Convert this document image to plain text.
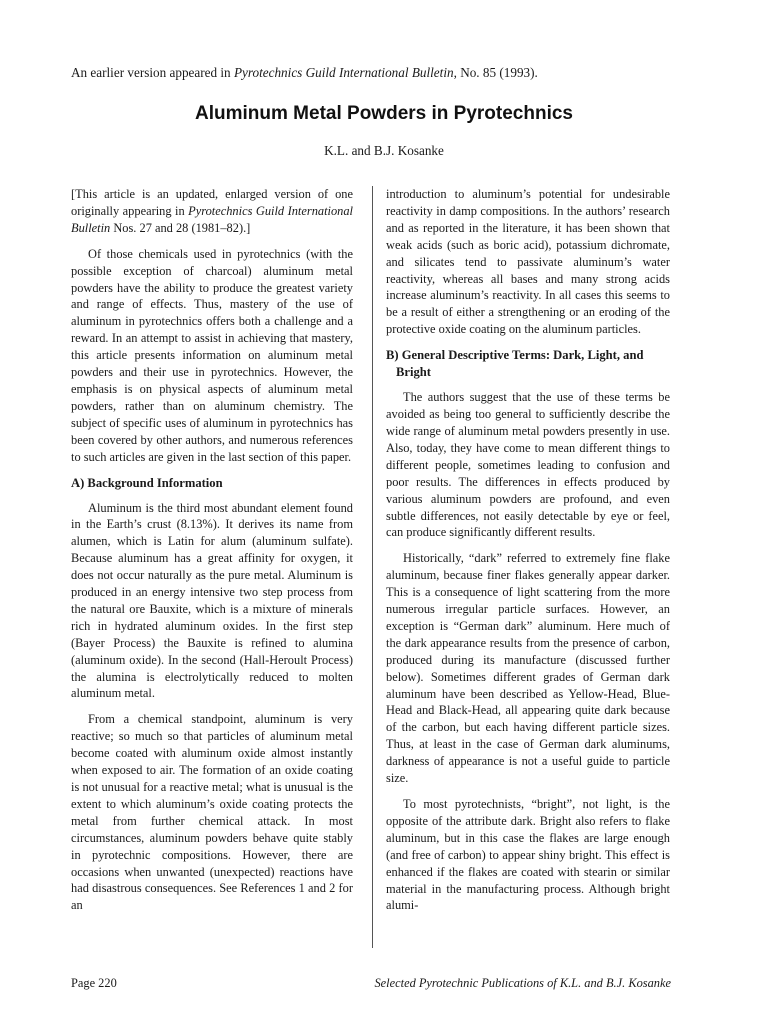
An earlier version appeared in Pyrotechnics Guild International Bulletin, No. 85 (1993).
Aluminum Metal Powders in Pyrotechnics
K.L. and B.J. Kosanke

[This article is an updated, enlarged version of one originally appearing in Pyrotechnics Guild International Bulletin Nos. 27 and 28 (1981–82).]

Of those chemicals used in pyrotechnics (with the possible exception of charcoal) aluminum metal powders have the ability to produce the greatest variety and range of effects. Thus, mastery of the use of aluminum in pyrotechnics offers both a challenge and a reward. In an attempt to assist in achieving that mastery, this article presents information on aluminum metal powders and their use in pyrotechnics. However, the emphasis is on physical aspects of aluminum metal powders, rather than on aluminum chemistry. The subject of specific uses of aluminum in pyrotechnics has been covered by other authors, and numerous references to such articles are given in the last section of this paper.

A) Background Information

Aluminum is the third most abundant element found in the Earth’s crust (8.13%). It derives its name from alumen, which is Latin for alum (aluminum sulfate). Because aluminum has a great affinity for oxygen, it does not occur naturally as the pure metal. Aluminum is produced in an energy intensive two step process from the natural ore Bauxite, which is a mixture of minerals rich in hydrated aluminum oxides. In the first step (Bayer Process) the Bauxite is refined to alumina (aluminum oxide). In the second (Hall-Heroult Process) the alumina is electrolytically reduced to molten aluminum metal.

From a chemical standpoint, aluminum is very reactive; so much so that particles of aluminum metal become coated with aluminum oxide almost instantly when exposed to air. The formation of an oxide coating is not unusual for a reactive metal; what is unusual is the extent to which aluminum’s oxide coating protects the metal from further chemical attack. In most circumstances, aluminum powders behave quite stably in pyrotechnic compositions. However, there are occasions when unwanted (unexpected) reactions have had disastrous consequences. See References 1 and 2 for an

introduction to aluminum’s potential for undesirable reactivity in damp compositions. In the authors’ research and as reported in the literature, it has been shown that weak acids (such as boric acid), potassium dichromate, and silicates tend to passivate aluminum’s water reactivity, whereas all bases and many strong acids increase aluminum’s reactivity. In all cases this seems to be a result of either a strengthening or an eroding of the protective oxide coating on the aluminum particles.

B) General Descriptive Terms: Dark, Light, and Bright

The authors suggest that the use of these terms be avoided as being too general to sufficiently describe the wide range of aluminum metal powders presently in use. Also, today, they have come to mean different things to different people, sometimes leading to confusion and poor results. The differences in effects produced by various aluminum powders are profound, and even subtle differences, not easily detectable by eye or feel, can produce significantly different results.

Historically, “dark” referred to extremely fine flake aluminum, because finer flakes generally appear darker. This is a consequence of light scattering from the more numerous irregular particle surfaces. However, an exception is “German dark” aluminum. Here much of the dark appearance results from the presence of carbon, produced during its manufacture (discussed further below). Sometimes different grades of German dark aluminum have been described as Yellow-Head, Blue-Head and Black-Head, all appearing quite dark because of the carbon, but each having different particle sizes. Thus, at least in the case of German dark aluminums, darkness of appearance is not a useful guide to particle size.

To most pyrotechnists, “bright”, not light, is the opposite of the attribute dark. Bright also refers to flake aluminum, but in this case the flakes are large enough (and free of carbon) to appear shiny bright. This effect is enhanced if the flakes are coated with stearin or similar material in the manufacturing process. Although bright alumi-

Page 220	Selected Pyrotechnic Publications of K.L. and B.J. Kosanke
